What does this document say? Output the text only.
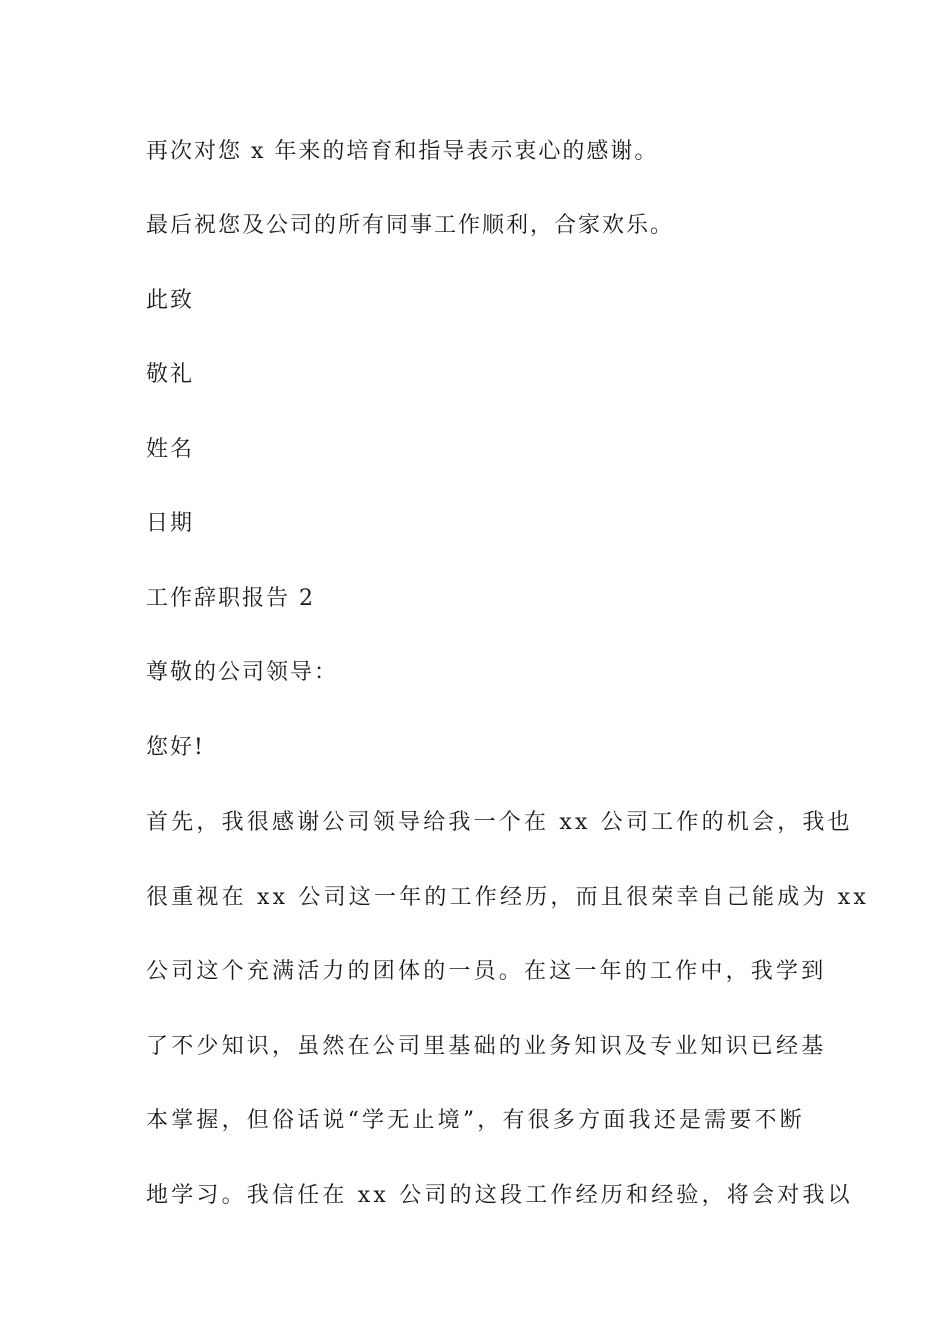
再次对您 x 年来的培育和指导表示衷心的感谢。
最后祝您及公司的所有同事工作顺利，合家欢乐。
此致
敬礼
姓名
日期
工作辞职报告 2
尊敬的公司领导：
您好!
首先，我很感谢公司领导给我一个在 xx 公司工作的机会，我也
很重视在 xx 公司这一年的工作经历，而且很荣幸自己能成为 xx
公司这个充满活力的团体的一员。在这一年的工作中，我学到
了不少知识，虽然在公司里基础的业务知识及专业知识已经基
本掌握，但俗话说“学无止境”，有很多方面我还是需要不断
地学习。我信任在 xx 公司的这段工作经历和经验，将会对我以
